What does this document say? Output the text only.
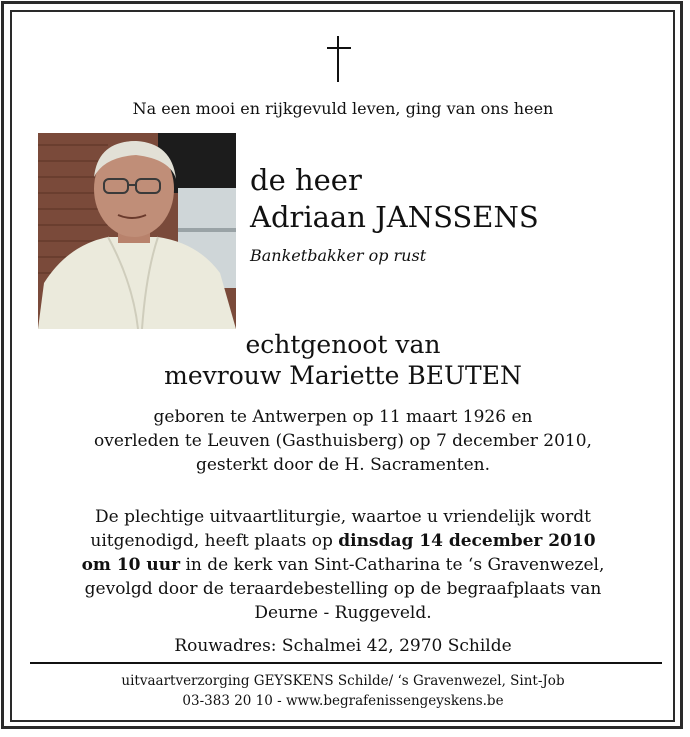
Na een mooi en rijkgevuld leven, ging van ons heen
de heer
Adriaan JANSSENS
Banketbakker op rust
echtgenoot van
mevrouw Mariette BEUTEN
geboren te Antwerpen op 11 maart 1926 en
overleden te Leuven (Gasthuisberg) op 7 december 2010,
gesterkt door de H. Sacramenten.
De plechtige uitvaartliturgie, waartoe u vriendelijk wordt
uitgenodigd, heeft plaats op dinsdag 14 december 2010
om 10 uur in de kerk van Sint-Catharina te ‘s Gravenwezel,
gevolgd door de teraardebestelling op de begraafplaats van
Deurne - Ruggeveld.
Rouwadres: Schalmei 42, 2970 Schilde
uitvaartverzorging GEYSKENS Schilde/ ‘s Gravenwezel, Sint-Job
03-383 20 10 - www.begrafenissengeyskens.be
